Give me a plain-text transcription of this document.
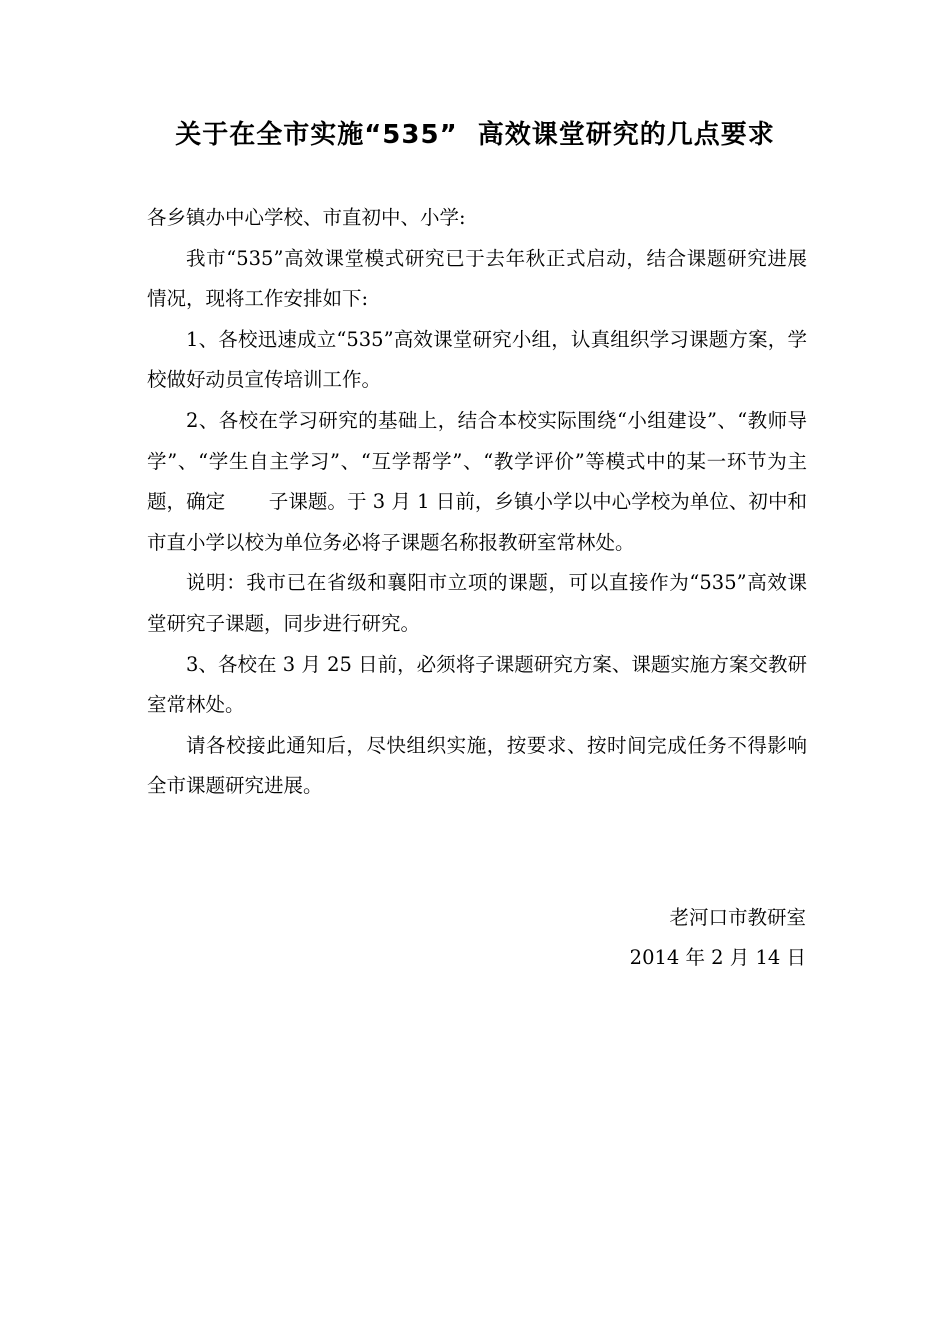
关于在全市实施“535”  高效课堂研究的几点要求

各乡镇办中心学校、市直初中、小学:

我市“535”高效课堂模式研究已于去年秋正式启动，结合课题研究进展情况，现将工作安排如下:

1、各校迅速成立“535”高效课堂研究小组，认真组织学习课题方案，学校做好动员宣传培训工作。

2、各校在学习研究的基础上，结合本校实际围绕“小组建设”、“教师导学”、“学生自主学习”、“互学帮学”、“教学评价”等模式中的某一环节为主题，确定       子课题。于 3 月 1 日前，乡镇小学以中心学校为单位、初中和市直小学以校为单位务必将子课题名称报教研室常林处。

说明：我市已在省级和襄阳市立项的课题，可以直接作为“535”高效课堂研究子课题，同步进行研究。

3、各校在 3 月 25 日前，必须将子课题研究方案、课题实施方案交教研室常林处。

请各校接此通知后，尽快组织实施，按要求、按时间完成任务不得影响全市课题研究进展。

老河口市教研室
2014 年 2 月 14 日
